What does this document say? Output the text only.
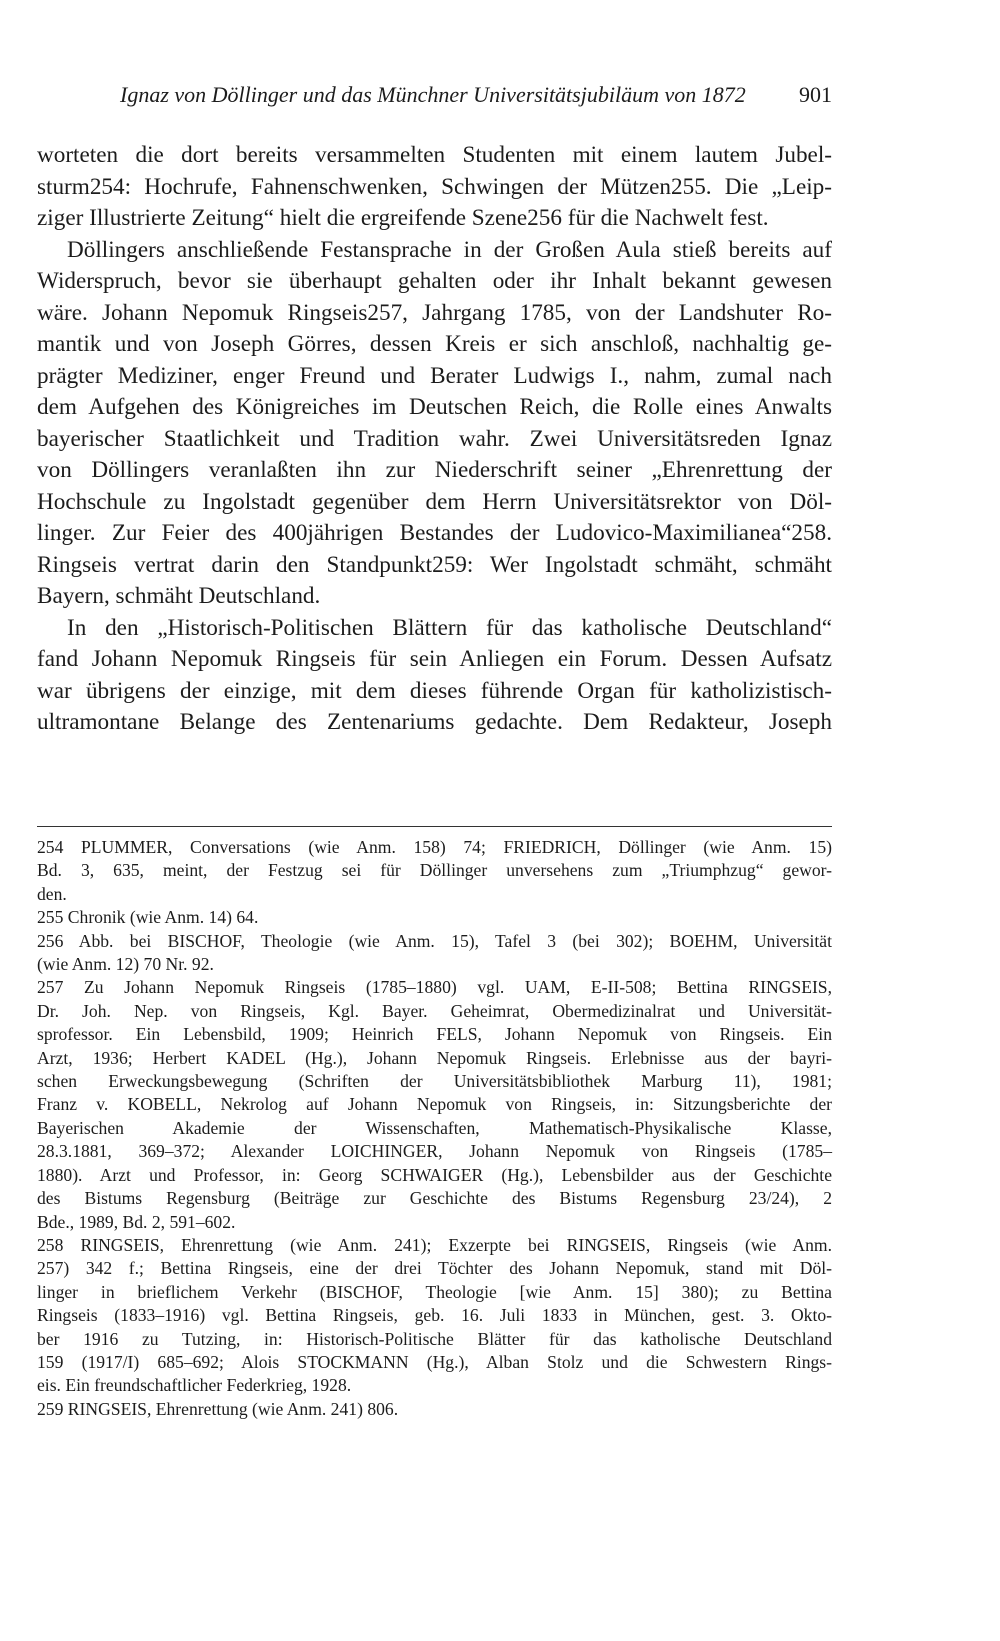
Ignaz von Döllinger und das Münchner Universitätsjubiläum von 1872 901
worteten die dort bereits versammelten Studenten mit einem lautem Jubel-
sturm254: Hochrufe, Fahnenschwenken, Schwingen der Mützen255. Die „Leip-
ziger Illustrierte Zeitung“ hielt die ergreifende Szene256 für die Nachwelt fest.
Döllingers anschließende Festansprache in der Großen Aula stieß bereits auf
Widerspruch, bevor sie überhaupt gehalten oder ihr Inhalt bekannt gewesen
wäre. Johann Nepomuk Ringseis257, Jahrgang 1785, von der Landshuter Ro-
mantik und von Joseph Görres, dessen Kreis er sich anschloß, nachhaltig ge-
prägter Mediziner, enger Freund und Berater Ludwigs I., nahm, zumal nach
dem Aufgehen des Königreiches im Deutschen Reich, die Rolle eines Anwalts
bayerischer Staatlichkeit und Tradition wahr. Zwei Universitätsreden Ignaz
von Döllingers veranlaßten ihn zur Niederschrift seiner „Ehrenrettung der
Hochschule zu Ingolstadt gegenüber dem Herrn Universitätsrektor von Döl-
linger. Zur Feier des 400jährigen Bestandes der Ludovico-Maximilianea“258.
Ringseis vertrat darin den Standpunkt259: Wer Ingolstadt schmäht, schmäht
Bayern, schmäht Deutschland.
In den „Historisch-Politischen Blättern für das katholische Deutschland“
fand Johann Nepomuk Ringseis für sein Anliegen ein Forum. Dessen Aufsatz
war übrigens der einzige, mit dem dieses führende Organ für katholizistisch-
ultramontane Belange des Zentenariums gedachte. Dem Redakteur, Joseph
254 PLUMMER, Conversations (wie Anm. 158) 74; FRIEDRICH, Döllinger (wie Anm. 15)
Bd. 3, 635, meint, der Festzug sei für Döllinger unversehens zum „Triumphzug“ gewor-
den.
255 Chronik (wie Anm. 14) 64.
256 Abb. bei BISCHOF, Theologie (wie Anm. 15), Tafel 3 (bei 302); BOEHM, Universität
(wie Anm. 12) 70 Nr. 92.
257 Zu Johann Nepomuk Ringseis (1785–1880) vgl. UAM, E-II-508; Bettina RINGSEIS,
Dr. Joh. Nep. von Ringseis, Kgl. Bayer. Geheimrat, Obermedizinalrat und Universität-
sprofessor. Ein Lebensbild, 1909; Heinrich FELS, Johann Nepomuk von Ringseis. Ein
Arzt, 1936; Herbert KADEL (Hg.), Johann Nepomuk Ringseis. Erlebnisse aus der bayri-
schen Erweckungsbewegung (Schriften der Universitätsbibliothek Marburg 11), 1981;
Franz v. KOBELL, Nekrolog auf Johann Nepomuk von Ringseis, in: Sitzungsberichte der
Bayerischen Akademie der Wissenschaften, Mathematisch-Physikalische Klasse,
28.3.1881, 369–372; Alexander LOICHINGER, Johann Nepomuk von Ringseis (1785–
1880). Arzt und Professor, in: Georg SCHWAIGER (Hg.), Lebensbilder aus der Geschichte
des Bistums Regensburg (Beiträge zur Geschichte des Bistums Regensburg 23/24), 2
Bde., 1989, Bd. 2, 591–602.
258 RINGSEIS, Ehrenrettung (wie Anm. 241); Exzerpte bei RINGSEIS, Ringseis (wie Anm.
257) 342 f.; Bettina Ringseis, eine der drei Töchter des Johann Nepomuk, stand mit Döl-
linger in brieflichem Verkehr (BISCHOF, Theologie [wie Anm. 15] 380); zu Bettina
Ringseis (1833–1916) vgl. Bettina Ringseis, geb. 16. Juli 1833 in München, gest. 3. Okto-
ber 1916 zu Tutzing, in: Historisch-Politische Blätter für das katholische Deutschland
159 (1917/I) 685–692; Alois STOCKMANN (Hg.), Alban Stolz und die Schwestern Rings-
eis. Ein freundschaftlicher Federkrieg, 1928.
259 RINGSEIS, Ehrenrettung (wie Anm. 241) 806.
